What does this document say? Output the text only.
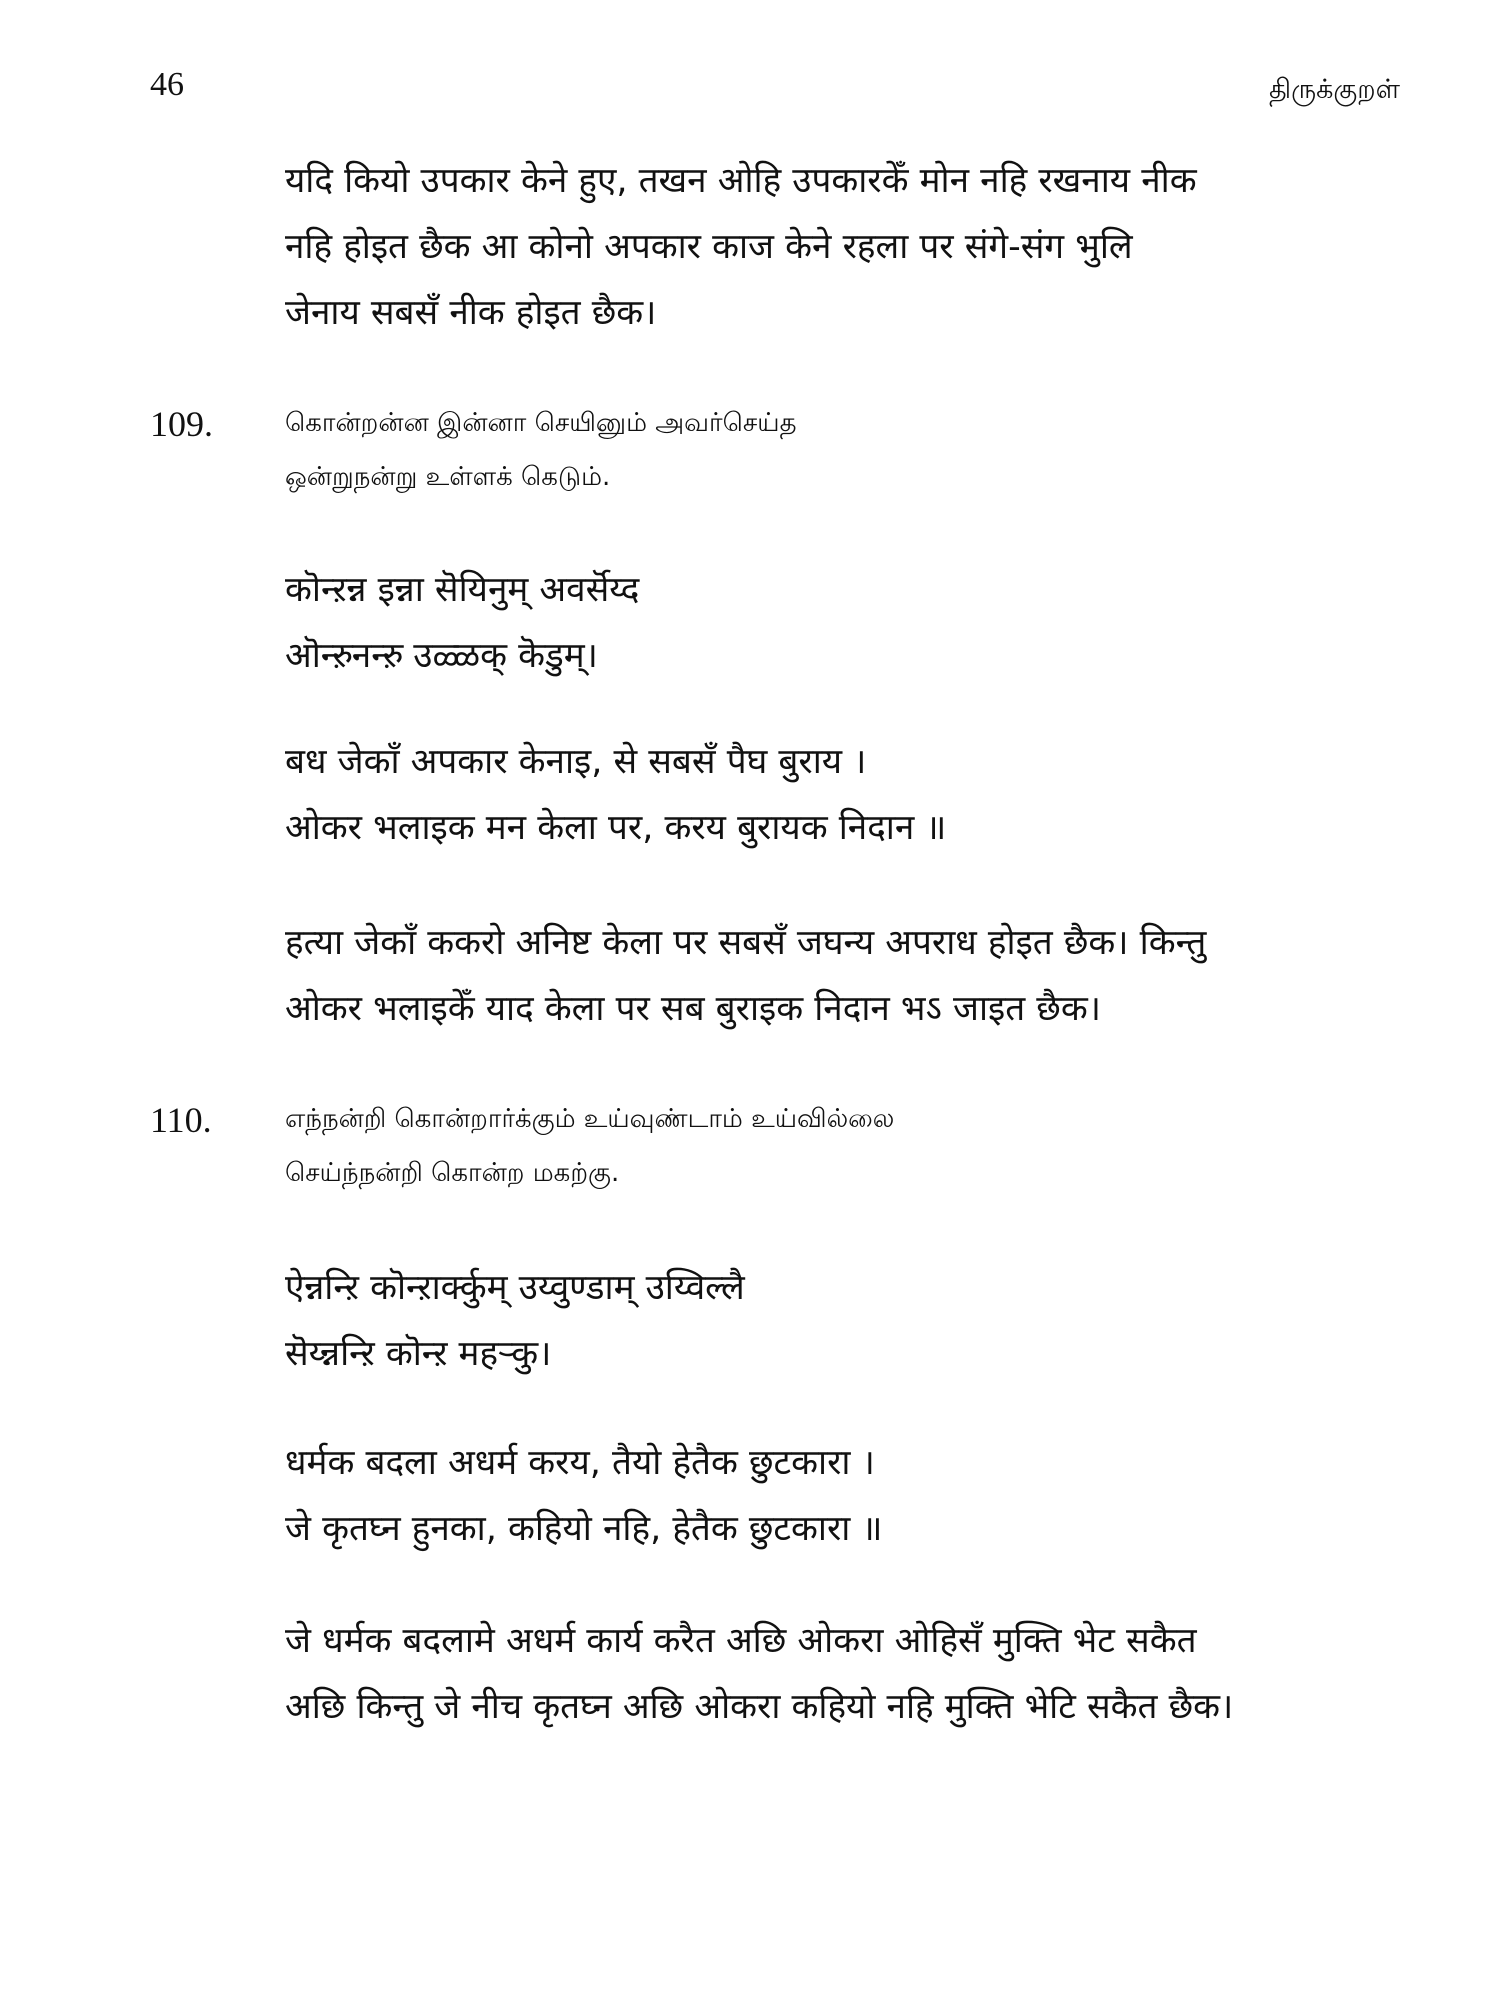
46	திருக்குறள்
यदि कियो उपकार केने हुए, तखन ओहि उपकारकेँ मोन नहि रखनाय नीक
नहि होइत छैक आ कोनो अपकार काज केने रहला पर संगे-संग भुलि
जेनाय सबसँ नीक होइत छैक।
109.	கொன்றன்ன இன்னா செயினும் அவர்செய்த
ஒன்றுநன்று உள்ளக் கெடும்.
कॊन्ऱन्न इन्ना सॆयिनुम् अवर्सॆय्द
ऒन्ऱुनन्ऱु उळ्ळक् कॆडुम्।
बध जेकाँ अपकार केनाइ, से सबसँ पैघ बुराय ।
ओकर भलाइक मन केला पर, करय बुरायक निदान ॥
हत्या जेकाँ ककरो अनिष्ट केला पर सबसँ जघन्य अपराध होइत छैक। किन्तु
ओकर भलाइकेँ याद केला पर सब बुराइक निदान भऽ जाइत छैक।
110.	எந்நன்றி கொன்றார்க்கும் உய்வுண்டாம் உய்வில்லை
செய்ந்நன்றி கொன்ற மகற்கு.
ऐन्नन्ऱि कॊन्ऱार्क्कुम् उय्वुण्डाम् उय्विल्लै
सॆय्न्नन्ऱि कॊन्ऱ महऱ्कु।
धर्मक बदला अधर्म करय, तैयो हेतैक छुटकारा ।
जे कृतघ्न हुनका, कहियो नहि, हेतैक छुटकारा ॥
जे धर्मक बदलामे अधर्म कार्य करैत अछि ओकरा ओहिसँ मुक्ति भेट सकैत
अछि किन्तु जे नीच कृतघ्न अछि ओकरा कहियो नहि मुक्ति भेटि सकैत छैक।
